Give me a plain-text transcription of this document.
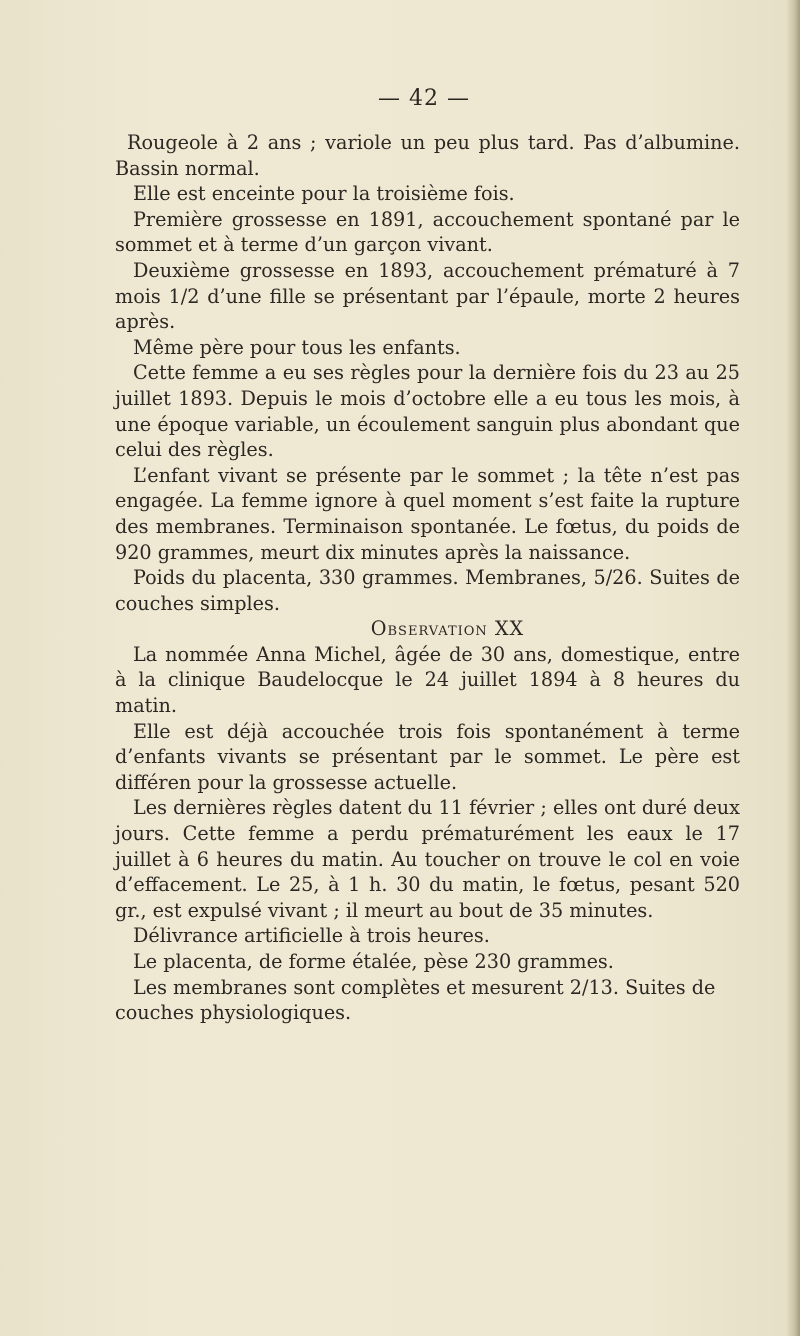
— 42 —

Rougeole à 2 ans ; variole un peu plus tard. Pas d’albumine. Bassin normal.

Elle est enceinte pour la troisième fois.

Première grossesse en 1891, accouchement spontané par le sommet et à terme d’un garçon vivant.

Deuxième grossesse en 1893, accouchement prématuré à 7 mois 1/2 d’une fille se présentant par l’épaule, morte 2 heures après.

Même père pour tous les enfants.

Cette femme a eu ses règles pour la dernière fois du 23 au 25 juillet 1893. Depuis le mois d’octobre elle a eu tous les mois, à une époque variable, un écoulement sanguin plus abondant que celui des règles.

L’enfant vivant se présente par le sommet ; la tête n’est pas engagée. La femme ignore à quel moment s’est faite la rupture des membranes. Terminaison spontanée. Le fœtus, du poids de 920 grammes, meurt dix minutes après la naissance.

Poids du placenta, 330 grammes. Membranes, 5/26. Suites de couches simples.

Observation XX

La nommée Anna Michel, âgée de 30 ans, domestique, entre à la clinique Baudelocque le 24 juillet 1894 à 8 heures du matin.

Elle est déjà accouchée trois fois spontanément à terme d’enfants vivants se présentant par le sommet. Le père est différen pour la grossesse actuelle.

Les dernières règles datent du 11 février ; elles ont duré deux jours. Cette femme a perdu prématurément les eaux le 17 juillet à 6 heures du matin. Au toucher on trouve le col en voie d’effacement. Le 25, à 1 h. 30 du matin, le fœtus, pesant 520 gr., est expulsé vivant ; il meurt au bout de 35 minutes.

Délivrance artificielle à trois heures.

Le placenta, de forme étalée, pèse 230 grammes.

Les membranes sont complètes et mesurent 2/13. Suites de couches physiologiques.
